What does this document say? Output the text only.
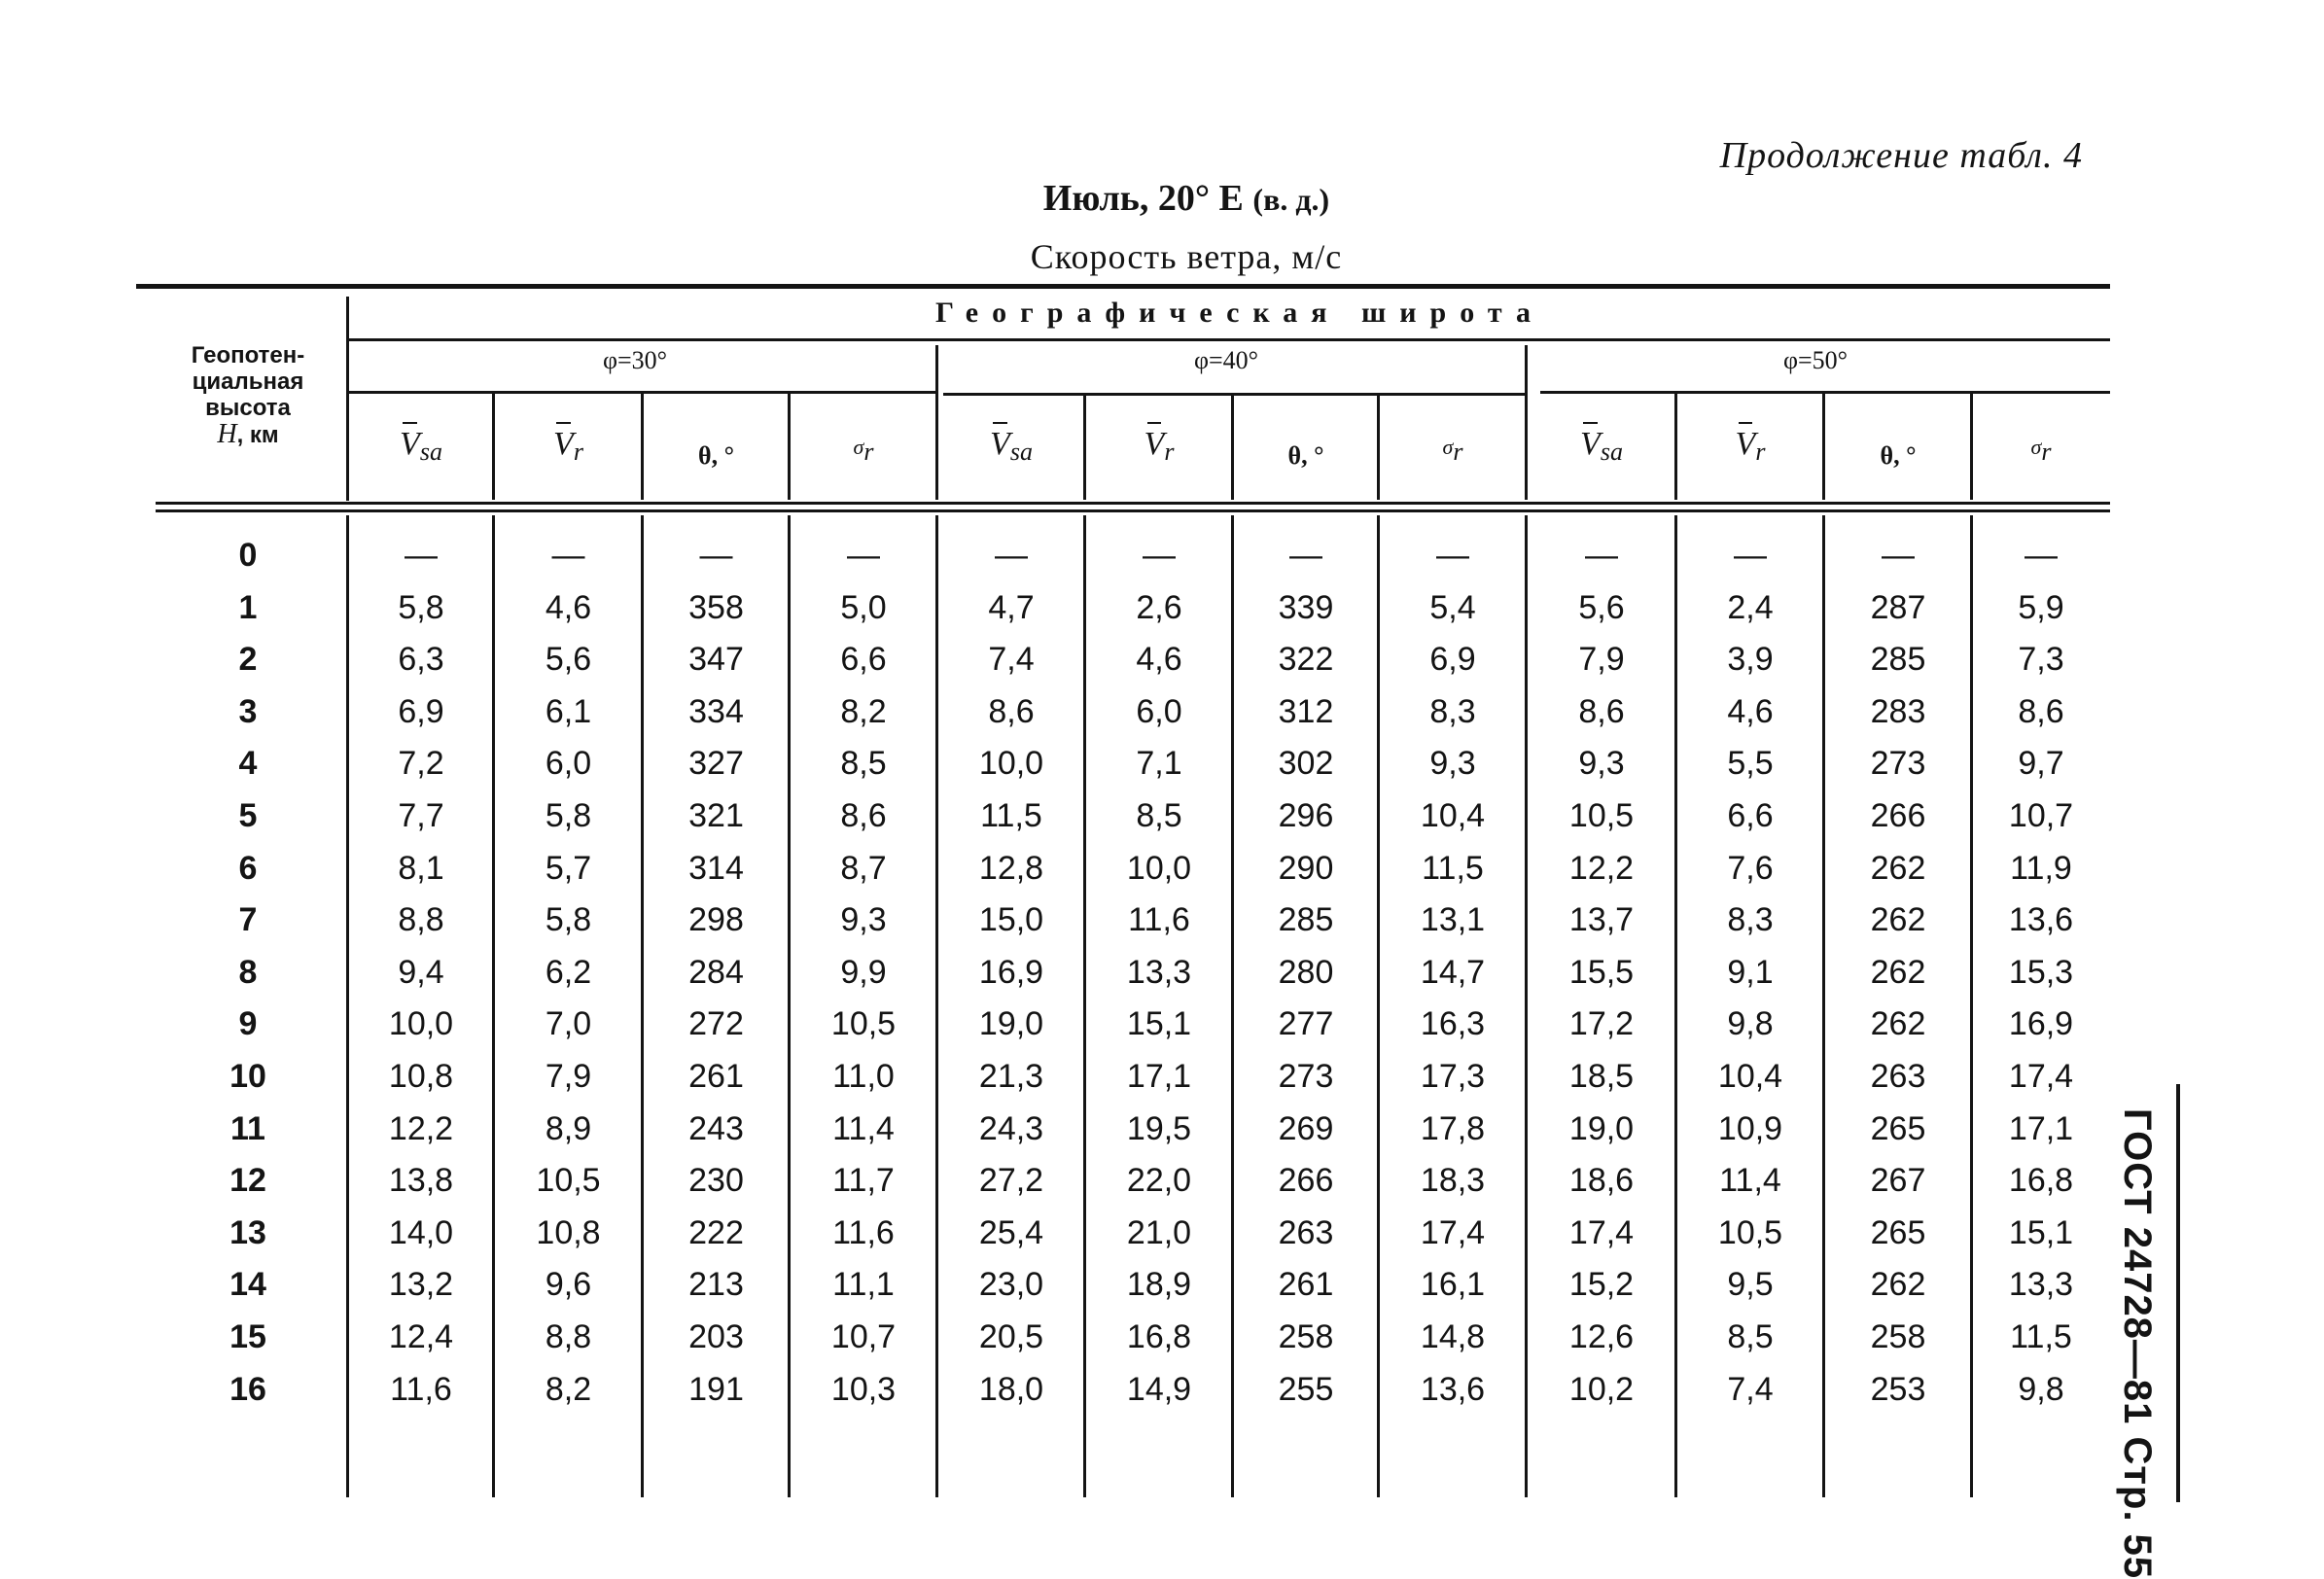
Продолжение табл. 4
Июль, 20° Е (в. д.)
Скорость ветра, м/с
Географическая широта
φ=30°	φ=40°	φ=50°
Геопотен-
циальная
высота
H, км	$V_{sa}$	$V_r$	θ, °	$\sigma_r$	$V_{sa}$	$V_r$	θ, °	$\sigma_r$	$V_{sa}$	$V_r$	θ, °	$\sigma_r$
0	—	—	—	—	—	—	—	—	—	—	—	—
1	5,8	4,6	358	5,0	4,7	2,6	339	5,4	5,6	2,4	287	5,9
2	6,3	5,6	347	6,6	7,4	4,6	322	6,9	7,9	3,9	285	7,3
3	6,9	6,1	334	8,2	8,6	6,0	312	8,3	8,6	4,6	283	8,6
4	7,2	6,0	327	8,5	10,0	7,1	302	9,3	9,3	5,5	273	9,7
5	7,7	5,8	321	8,6	11,5	8,5	296	10,4	10,5	6,6	266	10,7
6	8,1	5,7	314	8,7	12,8	10,0	290	11,5	12,2	7,6	262	11,9
7	8,8	5,8	298	9,3	15,0	11,6	285	13,1	13,7	8,3	262	13,6
8	9,4	6,2	284	9,9	16,9	13,3	280	14,7	15,5	9,1	262	15,3
9	10,0	7,0	272	10,5	19,0	15,1	277	16,3	17,2	9,8	262	16,9
10	10,8	7,9	261	11,0	21,3	17,1	273	17,3	18,5	10,4	263	17,4
11	12,2	8,9	243	11,4	24,3	19,5	269	17,8	19,0	10,9	265	17,1
12	13,8	10,5	230	11,7	27,2	22,0	266	18,3	18,6	11,4	267	16,8
13	14,0	10,8	222	11,6	25,4	21,0	263	17,4	17,4	10,5	265	15,1
14	13,2	9,6	213	11,1	23,0	18,9	261	16,1	15,2	9,5	262	13,3
15	12,4	8,8	203	10,7	20,5	16,8	258	14,8	12,6	8,5	258	11,5
16	11,6	8,2	191	10,3	18,0	14,9	255	13,6	10,2	7,4	253	9,8	ГОСТ 24728—81 Стр. 55
